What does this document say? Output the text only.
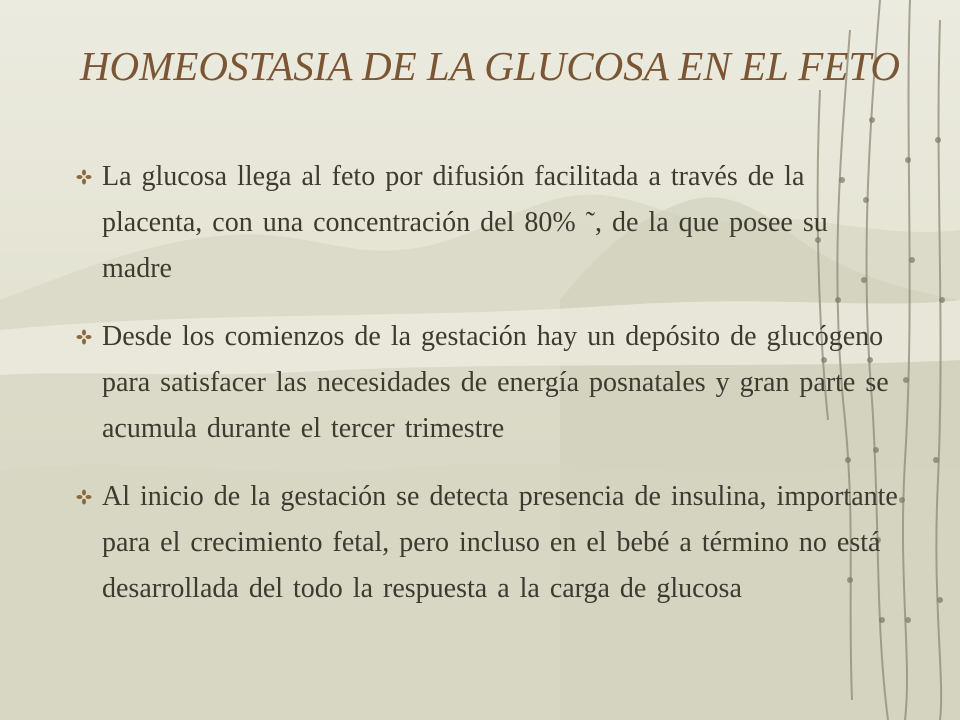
HOMEOSTASIA DE LA GLUCOSA EN EL FETO
La glucosa llega al feto por difusión facilitada a través de la placenta, con una concentración del 80% ˜, de la que posee su madre
Desde los comienzos de la gestación hay un depósito de glucógeno para satisfacer las necesidades de energía posnatales y gran parte se acumula durante el tercer trimestre
Al inicio de la gestación se detecta presencia de insulina, importante para el crecimiento fetal, pero incluso en el bebé a término no está desarrollada del todo la respuesta a la carga de glucosa
